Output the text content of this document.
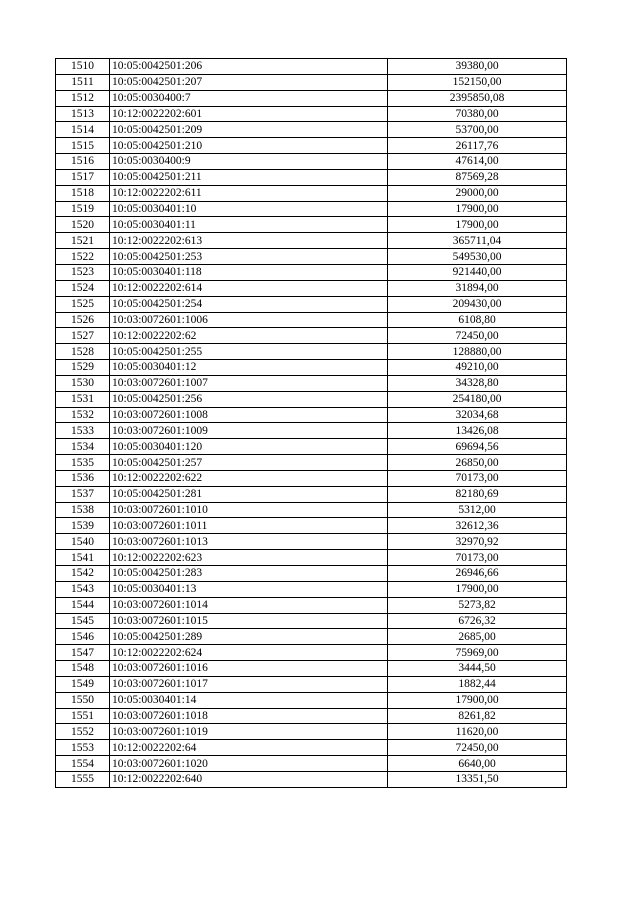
1510	10:05:0042501:206	39380,00
1511	10:05:0042501:207	152150,00
1512	10:05:0030400:7	2395850,08
1513	10:12:0022202:601	70380,00
1514	10:05:0042501:209	53700,00
1515	10:05:0042501:210	26117,76
1516	10:05:0030400:9	47614,00
1517	10:05:0042501:211	87569,28
1518	10:12:0022202:611	29000,00
1519	10:05:0030401:10	17900,00
1520	10:05:0030401:11	17900,00
1521	10:12:0022202:613	365711,04
1522	10:05:0042501:253	549530,00
1523	10:05:0030401:118	921440,00
1524	10:12:0022202:614	31894,00
1525	10:05:0042501:254	209430,00
1526	10:03:0072601:1006	6108,80
1527	10:12:0022202:62	72450,00
1528	10:05:0042501:255	128880,00
1529	10:05:0030401:12	49210,00
1530	10:03:0072601:1007	34328,80
1531	10:05:0042501:256	254180,00
1532	10:03:0072601:1008	32034,68
1533	10:03:0072601:1009	13426,08
1534	10:05:0030401:120	69694,56
1535	10:05:0042501:257	26850,00
1536	10:12:0022202:622	70173,00
1537	10:05:0042501:281	82180,69
1538	10:03:0072601:1010	5312,00
1539	10:03:0072601:1011	32612,36
1540	10:03:0072601:1013	32970,92
1541	10:12:0022202:623	70173,00
1542	10:05:0042501:283	26946,66
1543	10:05:0030401:13	17900,00
1544	10:03:0072601:1014	5273,82
1545	10:03:0072601:1015	6726,32
1546	10:05:0042501:289	2685,00
1547	10:12:0022202:624	75969,00
1548	10:03:0072601:1016	3444,50
1549	10:03:0072601:1017	1882,44
1550	10:05:0030401:14	17900,00
1551	10:03:0072601:1018	8261,82
1552	10:03:0072601:1019	11620,00
1553	10:12:0022202:64	72450,00
1554	10:03:0072601:1020	6640,00
1555	10:12:0022202:640	13351,50
